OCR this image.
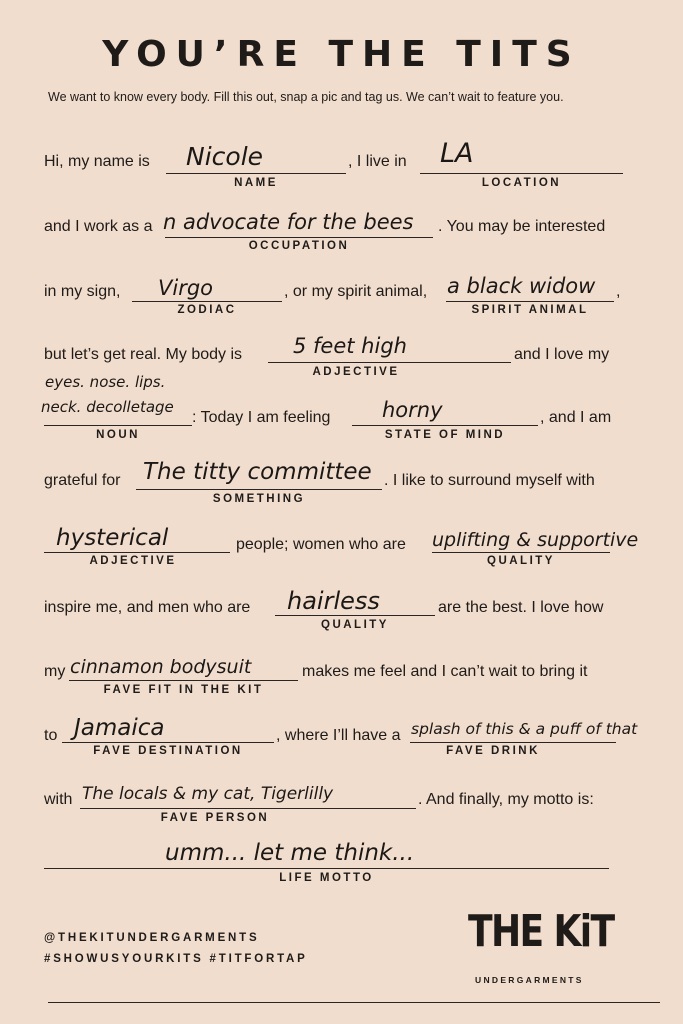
YOU’RE THE TITS
We want to know every body. Fill this out, snap a pic and tag us. We can’t wait to feature you.
Hi, my name is Nicole
NAME
, I live in LA
LOCATION
and I work as a n advocate for the bees
OCCUPATION
. You may be interested
in my sign, Virgo
ZODIAC
, or my spirit animal, a black widow
SPIRIT ANIMAL
,
but let’s get real. My body is 5 feet high
ADJECTIVE
and I love my
eyes. nose. lips.
neck. decolletage
NOUN
: Today I am feeling horny
STATE OF MIND
, and I am
grateful for The titty committee
SOMETHING
. I like to surround myself with
hysterical
ADJECTIVE
people; women who are uplifting & supportive
QUALITY
inspire me, and men who are hairless
QUALITY
are the best. I love how
my cinnamon bodysuit
FAVE FIT IN THE KIT
makes me feel and I can’t wait to bring it
to Jamaica
FAVE DESTINATION
, where I’ll have a splash of this & a puff of that
FAVE DRINK
with The locals & my cat, Tigerlilly
FAVE PERSON
. And finally, my motto is:
umm... let me think...
LIFE MOTTO
@THEKITUNDERGARMENTS
#SHOWUSYOURKITS #TITFORTAP
THE KiT
UNDERGARMENTS
